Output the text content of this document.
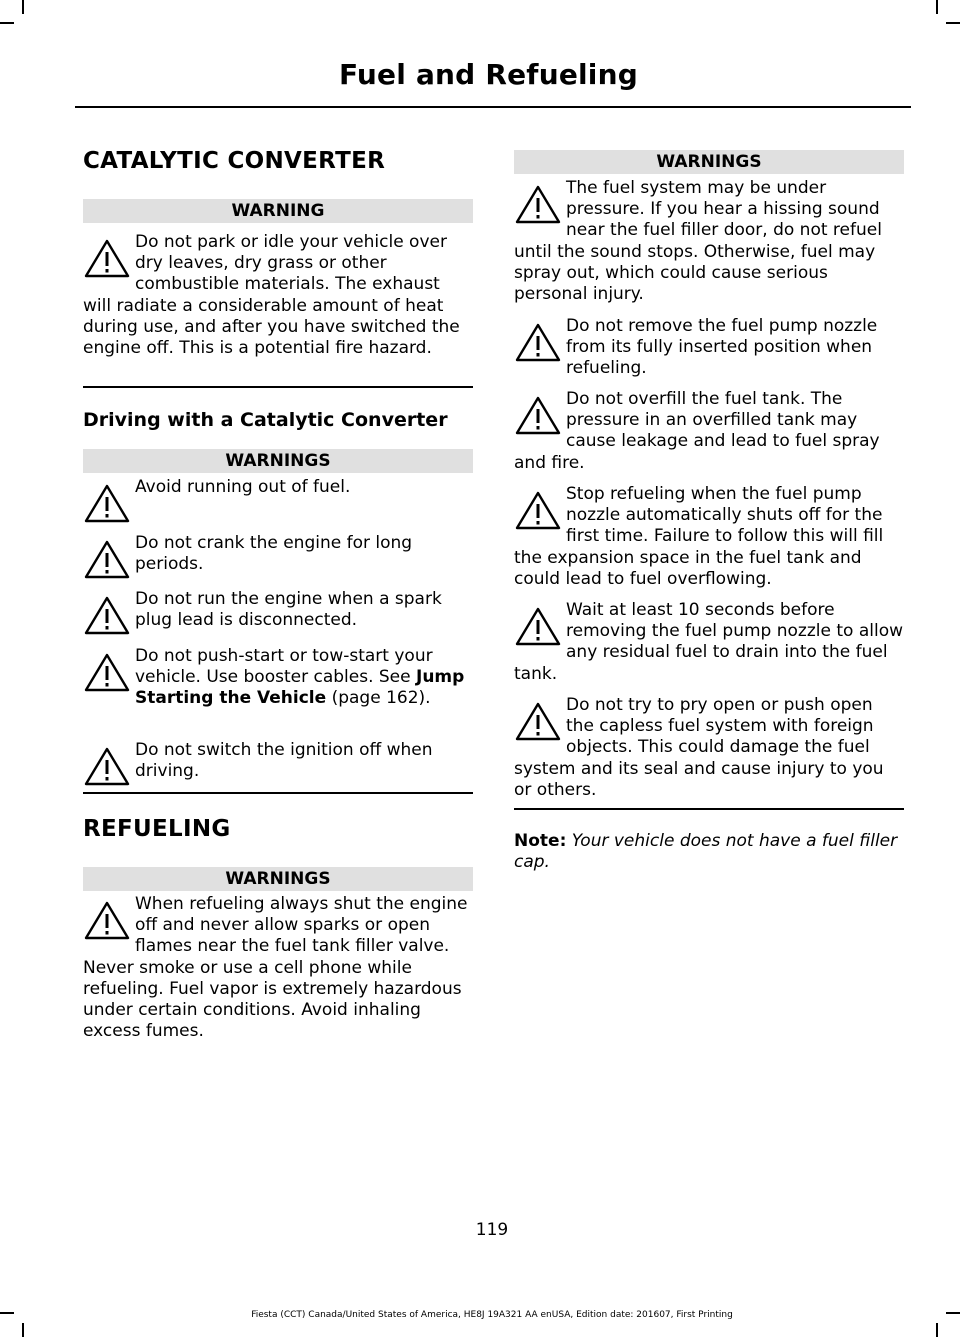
Fuel and Refueling
CATALYTIC CONVERTER
WARNING
Do not park or idle your vehicle over dry leaves, dry grass or other combustible materials. The exhaust will radiate a considerable amount of heat during use, and after you have switched the engine off. This is a potential fire hazard.
Driving with a Catalytic Converter
WARNINGS
Avoid running out of fuel.
Do not crank the engine for long periods.
Do not run the engine when a spark plug lead is disconnected.
Do not push-start or tow-start your vehicle. Use booster cables. See Jump Starting the Vehicle (page 162).
Do not switch the ignition off when driving.
REFUELING
WARNINGS
When refueling always shut the engine off and never allow sparks or open flames near the fuel tank filler valve. Never smoke or use a cell phone while refueling. Fuel vapor is extremely hazardous under certain conditions. Avoid inhaling excess fumes.
WARNINGS
The fuel system may be under pressure. If you hear a hissing sound near the fuel filler door, do not refuel until the sound stops. Otherwise, fuel may spray out, which could cause serious personal injury.
Do not remove the fuel pump nozzle from its fully inserted position when refueling.
Do not overfill the fuel tank. The pressure in an overfilled tank may cause leakage and lead to fuel spray and fire.
Stop refueling when the fuel pump nozzle automatically shuts off for the first time. Failure to follow this will fill the expansion space in the fuel tank and could lead to fuel overflowing.
Wait at least 10 seconds before removing the fuel pump nozzle to allow any residual fuel to drain into the fuel tank.
Do not try to pry open or push open the capless fuel system with foreign objects. This could damage the fuel system and its seal and cause injury to you or others.
Note: Your vehicle does not have a fuel filler cap.
119
Fiesta (CCT) Canada/United States of America, HE8J 19A321 AA enUSA, Edition date: 201607, First Printing
